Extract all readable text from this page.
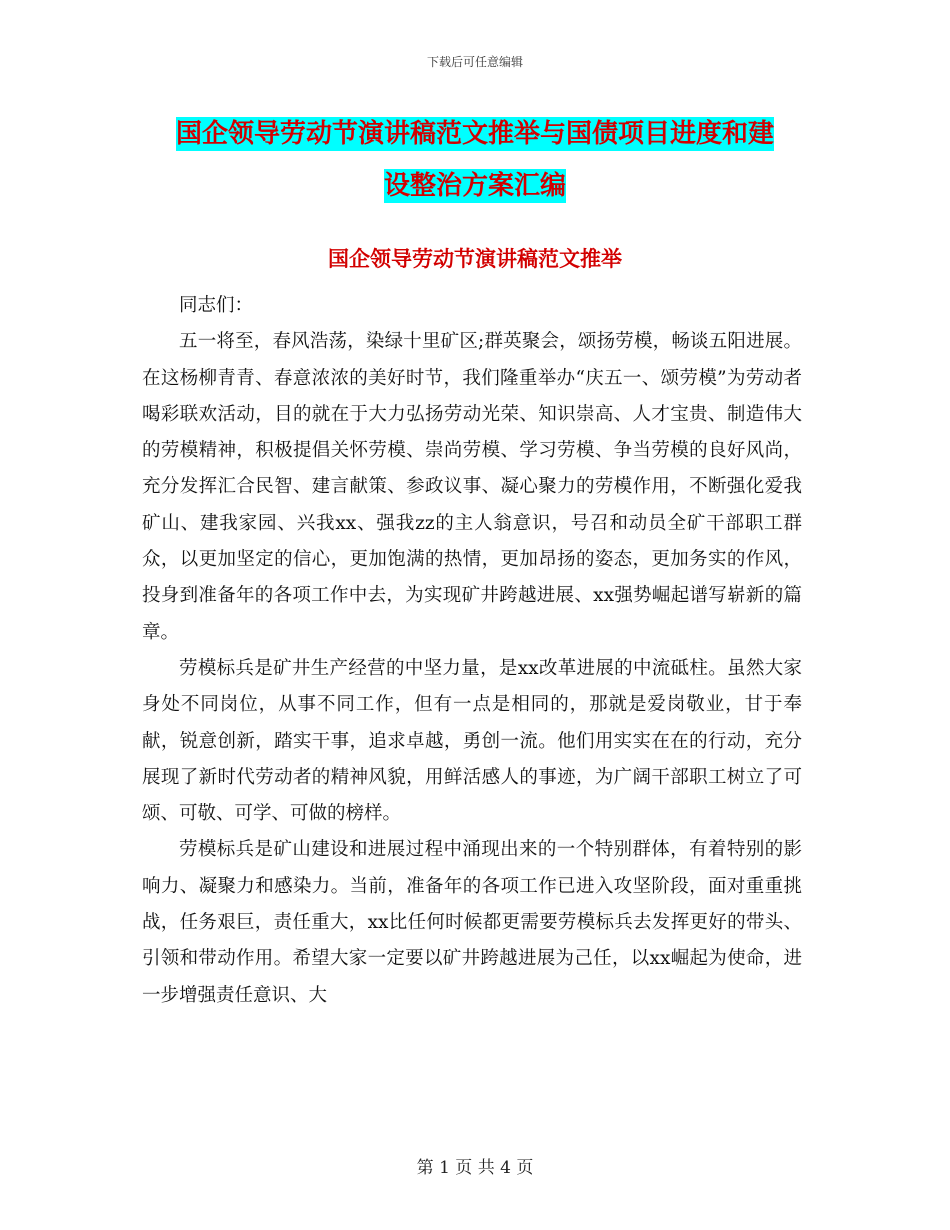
下载后可任意编辑
国企领导劳动节演讲稿范文推举与国债项目进度和建
设整治方案汇编
国企领导劳动节演讲稿范文推举

同志们：

五一将至，春风浩荡，染绿十里矿区;群英聚会，颂扬劳模，畅谈五阳进展。在这杨柳青青、春意浓浓的美好时节，我们隆重举办“庆五一、颂劳模”为劳动者喝彩联欢活动，目的就在于大力弘扬劳动光荣、知识崇高、人才宝贵、制造伟大的劳模精神，积极提倡关怀劳模、崇尚劳模、学习劳模、争当劳模的良好风尚，充分发挥汇合民智、建言献策、参政议事、凝心聚力的劳模作用，不断强化爱我矿山、建我家园、兴我xx、强我zz的主人翁意识，号召和动员全矿干部职工群众，以更加坚定的信心，更加饱满的热情，更加昂扬的姿态，更加务实的作风，投身到准备年的各项工作中去，为实现矿井跨越进展、xx强势崛起谱写崭新的篇章。

劳模标兵是矿井生产经营的中坚力量，是xx改革进展的中流砥柱。虽然大家身处不同岗位，从事不同工作，但有一点是相同的，那就是爱岗敬业，甘于奉献，锐意创新，踏实干事，追求卓越，勇创一流。他们用实实在在的行动，充分展现了新时代劳动者的精神风貌，用鲜活感人的事迹，为广阔干部职工树立了可颂、可敬、可学、可做的榜样。

劳模标兵是矿山建设和进展过程中涌现出来的一个特别群体，有着特别的影响力、凝聚力和感染力。当前，准备年的各项工作已进入攻坚阶段，面对重重挑战，任务艰巨，责任重大，xx比任何时候都更需要劳模标兵去发挥更好的带头、引领和带动作用。希望大家一定要以矿井跨越进展为己任，以xx崛起为使命，进一步增强责任意识、大

第 1 页 共 4 页
